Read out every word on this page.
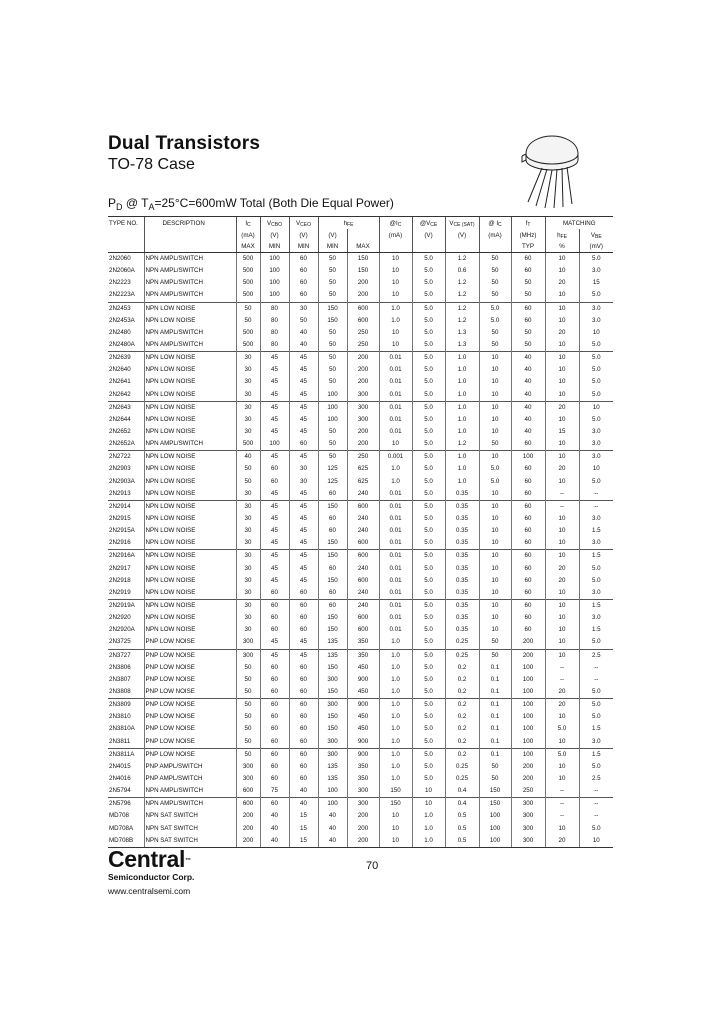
Dual Transistors
TO-78 Case
$P_D$ @ $T_A=25^\circ C=600mW$ Total (Both Die Equal Power)
TYPE NO.	DESCRIPTION	$I_C$	$V_{CBO}$	$V_{CEO}$	$h_{FE}$		$@I_C$	$@V_{CE}$	$V_{CE (SAT)}$	@ $I_C$	$f_T$	MATCHING	
		(mA)	(V)	(V)	(V)		(mA)	(V)	(V)	(mA)	(MHz)	$h_{FE}$	$V_{BE}$
		MAX	MIN	MIN	MIN	MAX					TYP	%	(mV)
2N2060	NPN AMPL/SWITCH	500	100	60	50	150	10	5.0	1.2	50	60	10	5.0
2N2060A	NPN AMPL/SWITCH	500	100	60	50	150	10	5.0	0.6	50	60	10	3.0
2N2223	NPN AMPL/SWITCH	500	100	60	50	200	10	5.0	1.2	50	50	20	15
2N2223A	NPN AMPL/SWITCH	500	100	60	50	200	10	5.0	1.2	50	50	10	5.0
2N2453	NPN LOW NOISE	50	80	30	150	600	1.0	5.0	1.2	5.0	60	10	3.0
2N2453A	NPN LOW NOISE	50	80	50	150	600	1.0	5.0	1.2	5.0	60	10	3.0
2N2480	NPN AMPL/SWITCH	500	80	40	50	250	10	5.0	1.3	50	50	20	10
2N2480A	NPN AMPL/SWITCH	500	80	40	50	250	10	5.0	1.3	50	50	10	5.0
2N2639	NPN LOW NOISE	30	45	45	50	200	0.01	5.0	1.0	10	40	10	5.0
2N2640	NPN LOW NOISE	30	45	45	50	200	0.01	5.0	1.0	10	40	10	5.0
2N2641	NPN LOW NOISE	30	45	45	50	200	0.01	5.0	1.0	10	40	10	5.0
2N2642	NPN LOW NOISE	30	45	45	100	300	0.01	5.0	1.0	10	40	10	5.0
2N2643	NPN LOW NOISE	30	45	45	100	300	0.01	5.0	1.0	10	40	20	10
2N2644	NPN LOW NOISE	30	45	45	100	300	0.01	5.0	1.0	10	40	10	5.0
2N2652	NPN LOW NOISE	30	45	45	50	200	0.01	5.0	1.0	10	40	15	3.0
2N2652A	NPN AMPL/SWITCH	500	100	60	50	200	10	5.0	1.2	50	60	10	3.0
2N2722	NPN LOW NOISE	40	45	45	50	250	0.001	5.0	1.0	10	100	10	3.0
2N2903	NPN LOW NOISE	50	60	30	125	625	1.0	5.0	1.0	5.0	60	20	10
2N2903A	NPN LOW NOISE	50	60	30	125	625	1.0	5.0	1.0	5.0	60	10	5.0
2N2913	NPN LOW NOISE	30	45	45	60	240	0.01	5.0	0.35	10	60	--	--
2N2914	NPN LOW NOISE	30	45	45	150	600	0.01	5.0	0.35	10	60	--	--
2N2915	NPN LOW NOISE	30	45	45	60	240	0.01	5.0	0.35	10	60	10	3.0
2N2915A	NPN LOW NOISE	30	45	45	60	240	0.01	5.0	0.35	10	60	10	1.5
2N2916	NPN LOW NOISE	30	45	45	150	600	0.01	5.0	0.35	10	60	10	3.0
2N2916A	NPN LOW NOISE	30	45	45	150	600	0.01	5.0	0.35	10	60	10	1.5
2N2917	NPN LOW NOISE	30	45	45	60	240	0.01	5.0	0.35	10	60	20	5.0
2N2918	NPN LOW NOISE	30	45	45	150	600	0.01	5.0	0.35	10	60	20	5.0
2N2919	NPN LOW NOISE	30	60	60	60	240	0.01	5.0	0.35	10	60	10	3.0
2N2919A	NPN LOW NOISE	30	60	60	60	240	0.01	5.0	0.35	10	60	10	1.5
2N2920	NPN LOW NOISE	30	60	60	150	600	0.01	5.0	0.35	10	60	10	3.0
2N2920A	NPN LOW NOISE	30	60	60	150	600	0.01	5.0	0.35	10	60	10	1.5
2N3725	PNP LOW NOISE	300	45	45	135	350	1.0	5.0	0.25	50	200	10	5.0
2N3727	PNP LOW NOISE	300	45	45	135	350	1.0	5.0	0.25	50	200	10	2.5
2N3806	PNP LOW NOISE	50	60	60	150	450	1.0	5.0	0.2	0.1	100	--	--
2N3807	PNP LOW NOISE	50	60	60	300	900	1.0	5.0	0.2	0.1	100	--	--
2N3808	PNP LOW NOISE	50	60	60	150	450	1.0	5.0	0.2	0.1	100	20	5.0
2N3809	PNP LOW NOISE	50	60	60	300	900	1.0	5.0	0.2	0.1	100	20	5.0
2N3810	PNP LOW NOISE	50	60	60	150	450	1.0	5.0	0.2	0.1	100	10	5.0
2N3810A	PNP LOW NOISE	50	60	60	150	450	1.0	5.0	0.2	0.1	100	5.0	1.5
2N3811	PNP LOW NOISE	50	60	60	300	900	1.0	5.0	0.2	0.1	100	10	3.0
2N3811A	PNP LOW NOISE	50	60	60	300	900	1.0	5.0	0.2	0.1	100	5.0	1.5
2N4015	PNP AMPL/SWITCH	300	60	60	135	350	1.0	5.0	0.25	50	200	10	5.0
2N4016	PNP AMPL/SWITCH	300	60	60	135	350	1.0	5.0	0.25	50	200	10	2.5
2N5794	NPN AMPL/SWITCH	600	75	40	100	300	150	10	0.4	150	250	--	--
2N5796	NPN AMPL/SWITCH	600	60	40	100	300	150	10	0.4	150	300	--	--
MD708	NPN SAT SWITCH	200	40	15	40	200	10	1.0	0.5	100	300	--	--
MD708A	NPN SAT SWITCH	200	40	15	40	200	10	1.0	0.5	100	300	10	5.0
MD708B	NPN SAT SWITCH	200	40	15	40	200	10	1.0	0.5	100	300	20	10
Central™
Semiconductor Corp.
www.centralsemi.com
70
